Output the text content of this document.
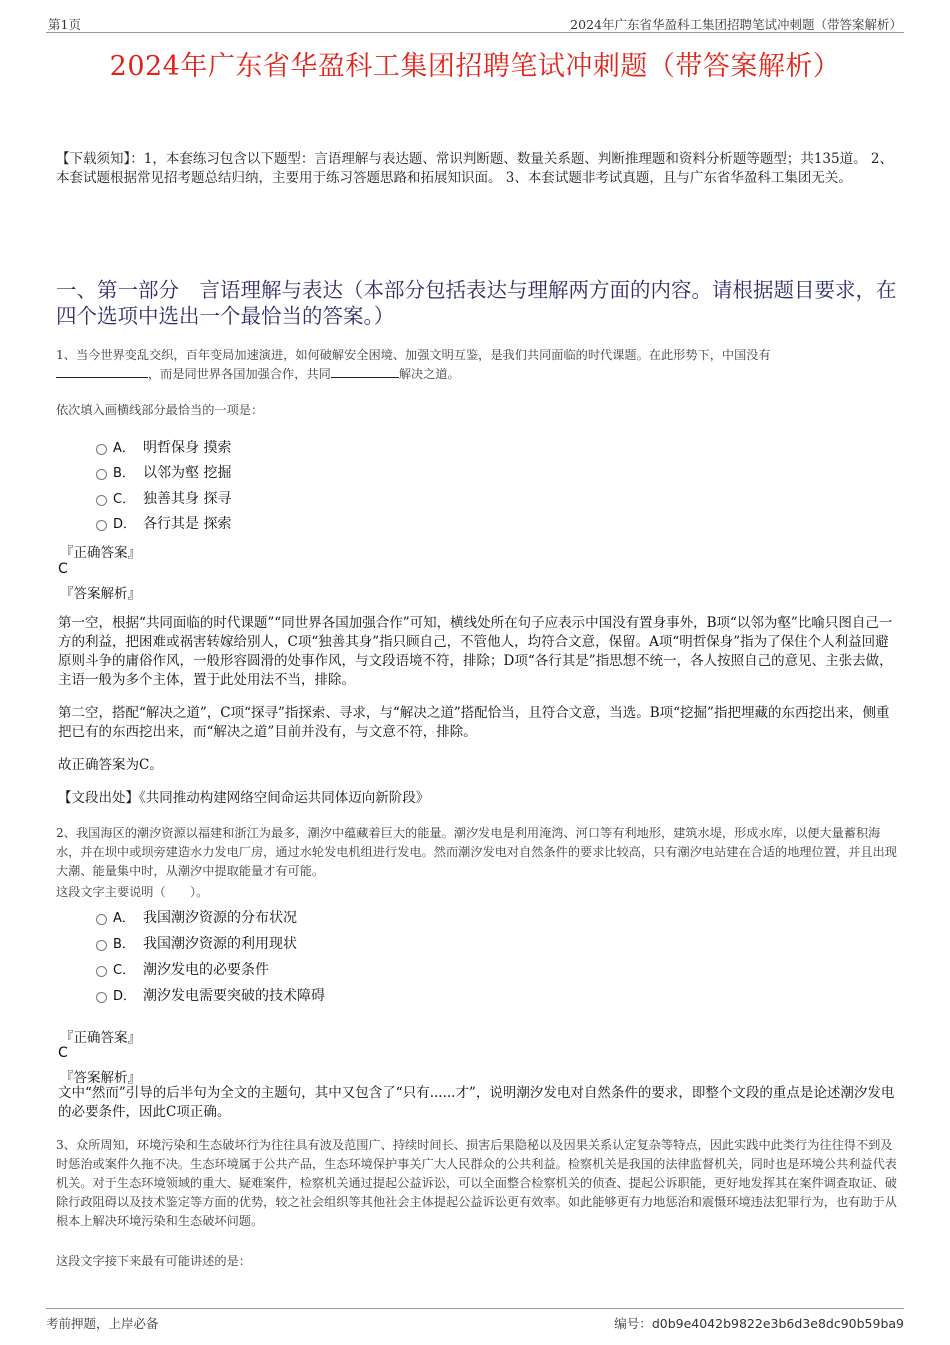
第1页	2024年广东省华盈科工集团招聘笔试冲刺题（带答案解析）
2024年广东省华盈科工集团招聘笔试冲刺题（带答案解析）
【下载须知】：1，本套练习包含以下题型：言语理解与表达题、常识判断题、数量关系题、判断推理题和资料分析题等题型；共135道。 2、本套试题根据常见招考题总结归纳，主要用于练习答题思路和拓展知识面。 3、本套试题非考试真题，且与广东省华盈科工集团无关。
一、第一部分　言语理解与表达（本部分包括表达与理解两方面的内容。请根据题目要求，在四个选项中选出一个最恰当的答案。）
1、当今世界变乱交织，百年变局加速演进，如何破解安全困境、加强文明互鉴，是我们共同面临的时代课题。在此形势下，中国没有
，而是同世界各国加强合作，共同	解决之道。
依次填入画横线部分最恰当的一项是：
A． 明哲保身 摸索
B． 以邻为壑 挖掘
C． 独善其身 探寻
D． 各行其是 探索
『正确答案』
C
『答案解析』
第一空，根据“共同面临的时代课题”“同世界各国加强合作”可知，横线处所在句子应表示中国没有置身事外，B项“以邻为壑”比喻只图自己一方的利益，把困难或祸害转嫁给别人，C项“独善其身”指只顾自己，不管他人，均符合文意，保留。A项“明哲保身”指为了保住个人利益回避原则斗争的庸俗作风，一般形容圆滑的处事作风，与文段语境不符，排除；D项“各行其是”指思想不统一，各人按照自己的意见、主张去做，主语一般为多个主体，置于此处用法不当，排除。
第二空，搭配“解决之道”，C项“探寻”指探索、寻求，与“解决之道”搭配恰当，且符合文意，当选。B项“挖掘”指把埋藏的东西挖出来，侧重把已有的东西挖出来，而“解决之道”目前并没有，与文意不符，排除。
故正确答案为C。
【文段出处】《共同推动构建网络空间命运共同体迈向新阶段》
2、我国海区的潮汐资源以福建和浙江为最多，潮汐中蕴藏着巨大的能量。潮汐发电是利用淹湾、河口等有利地形，建筑水堤，形成水库，以便大量蓄积海水，并在坝中或坝旁建造水力发电厂房，通过水轮发电机组进行发电。然而潮汐发电对自然条件的要求比较高，只有潮汐电站建在合适的地理位置，并且出现大潮、能量集中时，从潮汐中提取能量才有可能。
这段文字主要说明（　　）。
A． 我国潮汐资源的分布状况
B． 我国潮汐资源的利用现状
C． 潮汐发电的必要条件
D． 潮汐发电需要突破的技术障碍
『正确答案』
C
『答案解析』
文中“然而”引导的后半句为全文的主题句，其中又包含了“只有......才”，说明潮汐发电对自然条件的要求，即整个文段的重点是论述潮汐发电的必要条件，因此C项正确。
3、众所周知，环境污染和生态破坏行为往往具有波及范围广、持续时间长、损害后果隐秘以及因果关系认定复杂等特点，因此实践中此类行为往往得不到及时惩治或案件久拖不决。生态环境属于公共产品，生态环境保护事关广大人民群众的公共利益。检察机关是我国的法律监督机关，同时也是环境公共利益代表机关。对于生态环境领域的重大、疑难案件，检察机关通过提起公益诉讼，可以全面整合检察机关的侦查、提起公诉职能，更好地发挥其在案件调查取证、破除行政阻碍以及技术鉴定等方面的优势，较之社会组织等其他社会主体提起公益诉讼更有效率。如此能够更有力地惩治和震慑环境违法犯罪行为，也有助于从根本上解决环境污染和生态破坏问题。
这段文字接下来最有可能讲述的是：
考前押题，上岸必备	编号：d0b9e4042b9822e3b6d3e8dc90b59ba9
